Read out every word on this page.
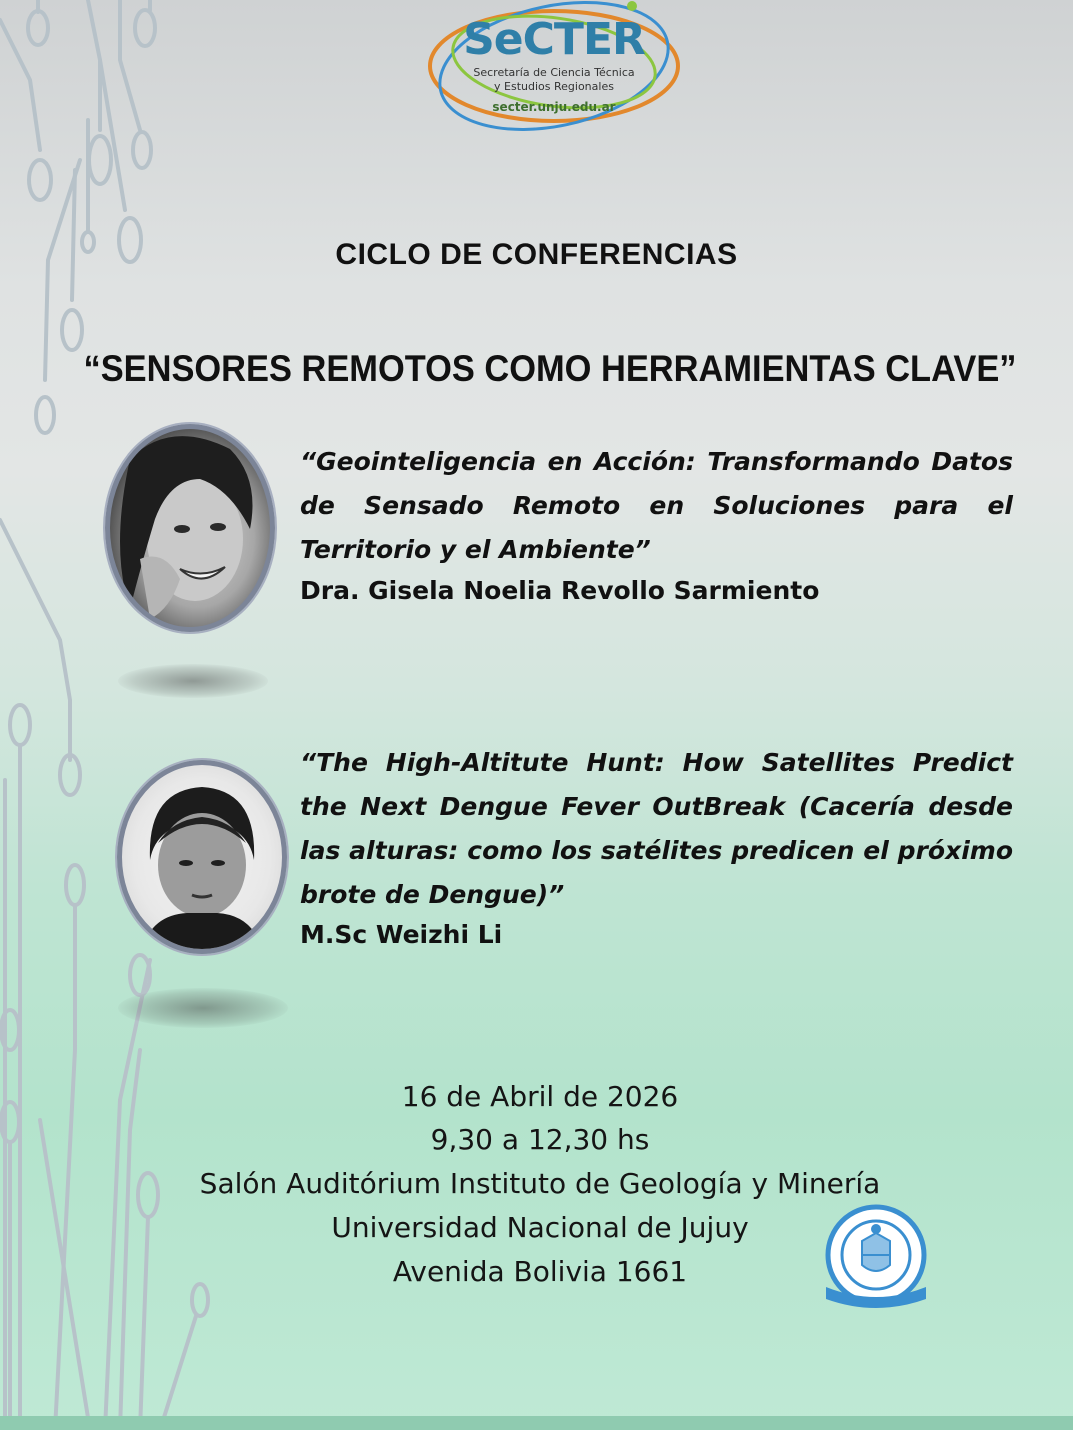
SeCTER
Secretaría de Ciencia Técnica
y Estudios Regionales
secter.unju.edu.ar
CICLO DE CONFERENCIAS
“SENSORES REMOTOS COMO HERRAMIENTAS CLAVE”
“Geointeligencia en Acción: Transformando Datos de Sensado Remoto en Soluciones para el Territorio y el Ambiente”
Dra. Gisela Noelia Revollo Sarmiento
“The High-Altitute Hunt: How Satellites Predict the Next Dengue Fever OutBreak (Cacería desde las alturas: como los satélites predicen el próximo brote de Dengue)”
M.Sc Weizhi Li
16 de Abril de 2026
9,30 a 12,30 hs
Salón Auditórium Instituto de Geología y Minería
Universidad Nacional de Jujuy
Avenida Bolivia 1661
